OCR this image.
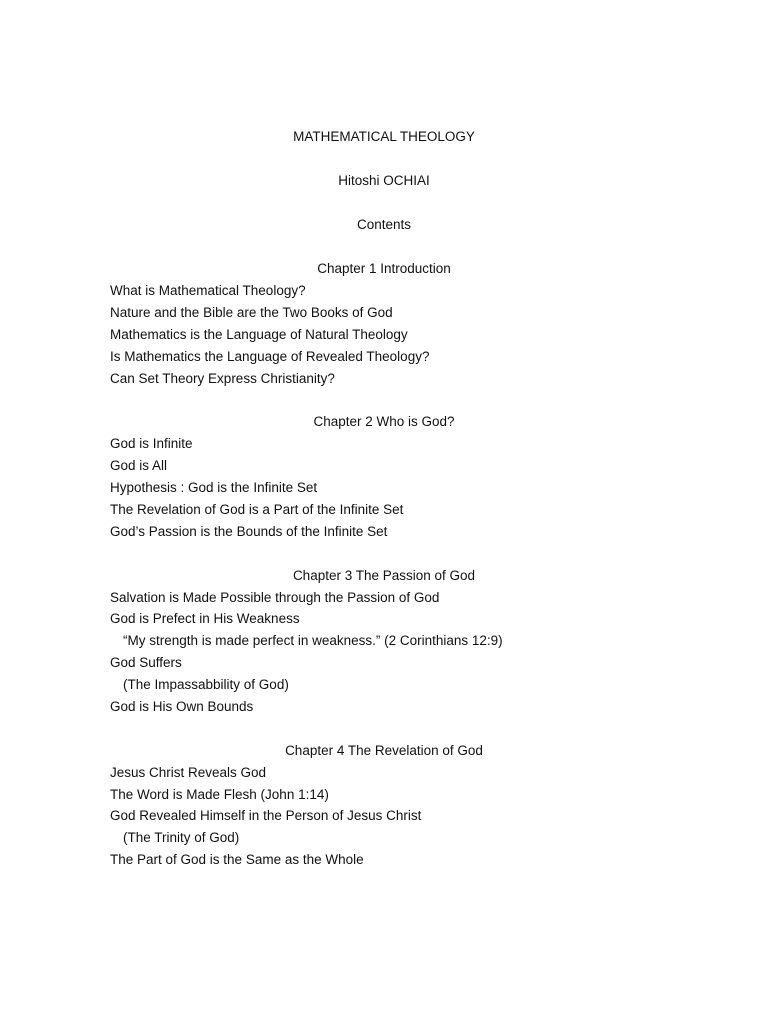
MATHEMATICAL THEOLOGY
Hitoshi OCHIAI
Contents
Chapter 1 Introduction
What is Mathematical Theology?
Nature and the Bible are the Two Books of God
Mathematics is the Language of Natural Theology
Is Mathematics the Language of Revealed Theology?
Can Set Theory Express Christianity?
Chapter 2 Who is God?
God is Infinite
God is All
Hypothesis : God is the Infinite Set
The Revelation of God is a Part of the Infinite Set
God’s Passion is the Bounds of the Infinite Set
Chapter 3 The Passion of God
Salvation is Made Possible through the Passion of God
God is Prefect in His Weakness
“My strength is made perfect in weakness.” (2 Corinthians 12:9)
God Suffers
(The Impassabbility of God)
God is His Own Bounds
Chapter 4 The Revelation of God
Jesus Christ Reveals God
The Word is Made Flesh (John 1:14)
God Revealed Himself in the Person of Jesus Christ
(The Trinity of God)
The Part of God is the Same as the Whole
